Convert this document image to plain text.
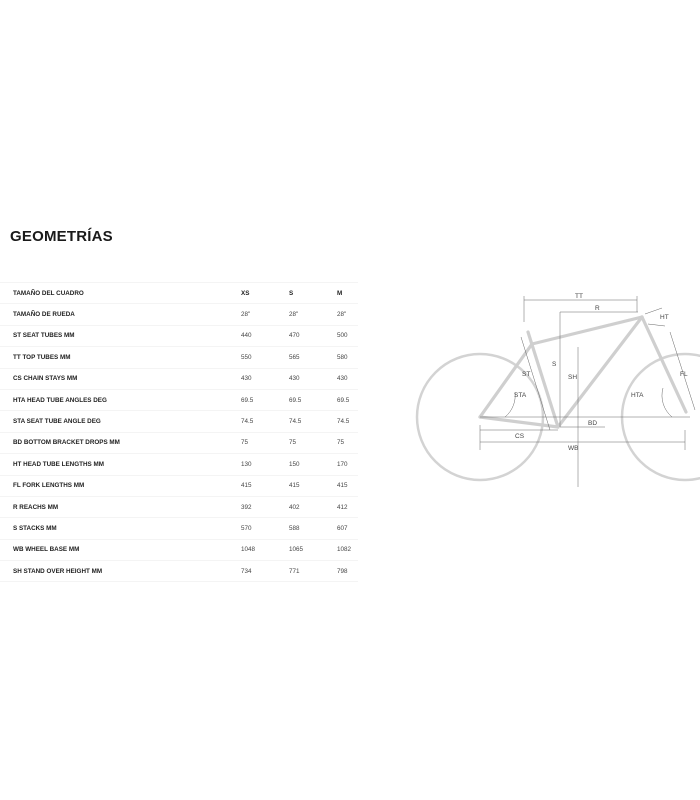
GEOMETRÍAS
TAMAÑO DEL CUADRO	XS	S	M
TAMAÑO DE RUEDA	28"	28"	28"
ST SEAT TUBES MM	440	470	500
TT TOP TUBES MM	550	565	580
CS CHAIN STAYS MM	430	430	430
HTA HEAD TUBE ANGLES DEG	69.5	69.5	69.5
STA SEAT TUBE ANGLE DEG	74.5	74.5	74.5
BD BOTTOM BRACKET DROPS MM	75	75	75
HT HEAD TUBE LENGTHS MM	130	150	170
FL FORK LENGTHS MM	415	415	415
R REACHS MM	392	402	412
S STACKS MM	570	588	607
WB WHEEL BASE MM	1048	1065	1082
SH STAND OVER HEIGHT MM	734	771	798
TT
R
HT
ST
S
SH	FL
STA	HTA
BD
CS
WB
